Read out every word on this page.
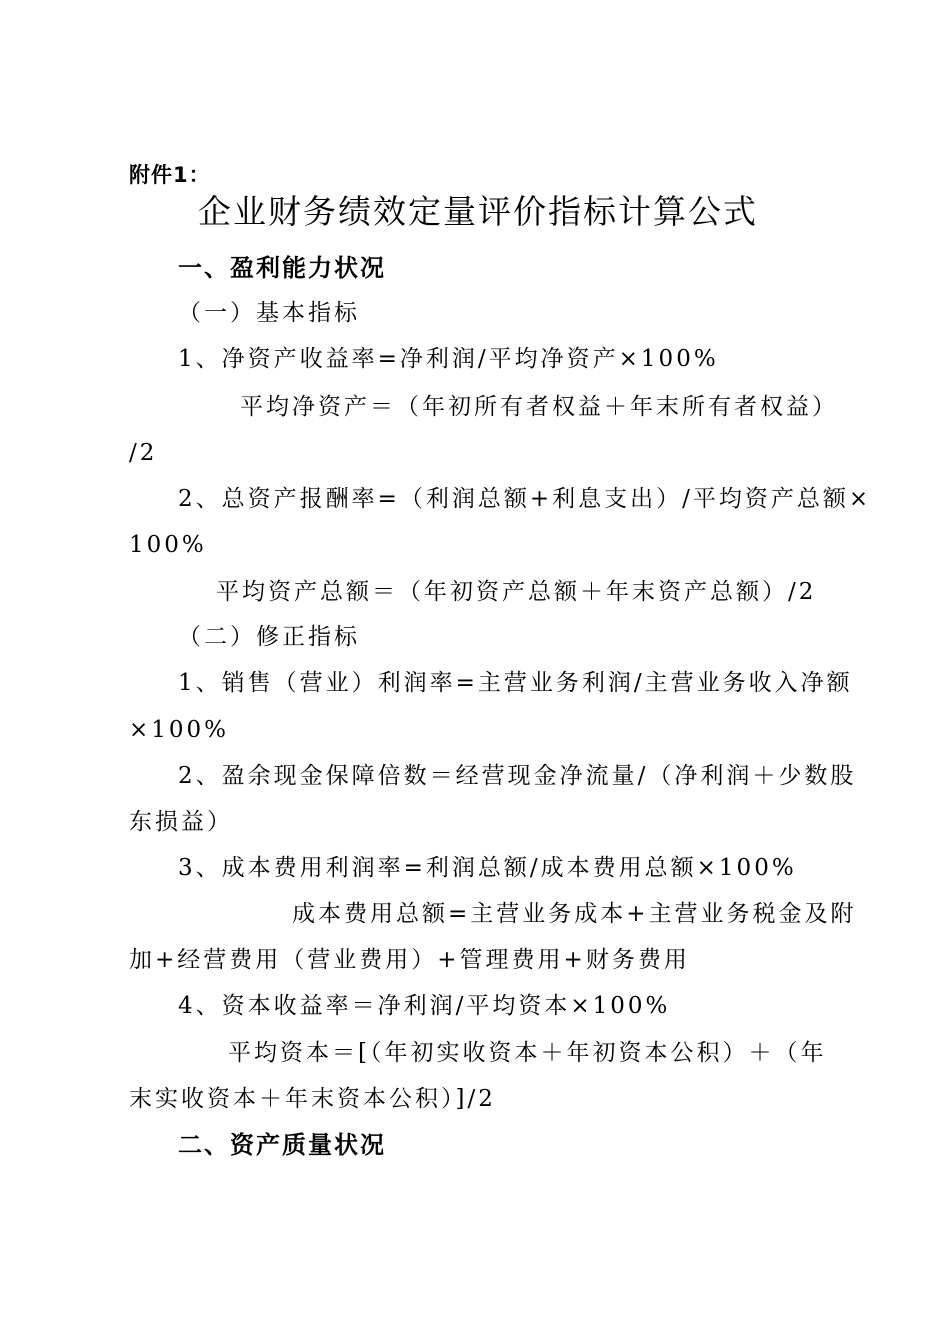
附件1：

企业财务绩效定量评价指标计算公式

一、盈利能力状况

（一）基本指标

1、净资产收益率=净利润/平均净资产×100%

平均净资产＝（年初所有者权益＋年末所有者权益）

/2

2、总资产报酬率=（利润总额+利息支出）/平均资产总额×

100%

平均资产总额＝（年初资产总额＋年末资产总额）/2

（二）修正指标

1、销售（营业）利润率=主营业务利润/主营业务收入净额

×100%

2、盈余现金保障倍数＝经营现金净流量/（净利润＋少数股

东损益）

3、成本费用利润率=利润总额/成本费用总额×100%

成本费用总额=主营业务成本+主营业务税金及附

加+经营费用（营业费用）+管理费用+财务费用

4、资本收益率＝净利润/平均资本×100%

平均资本＝[（年初实收资本＋年初资本公积）＋（年

末实收资本＋年末资本公积）]/2

二、资产质量状况
